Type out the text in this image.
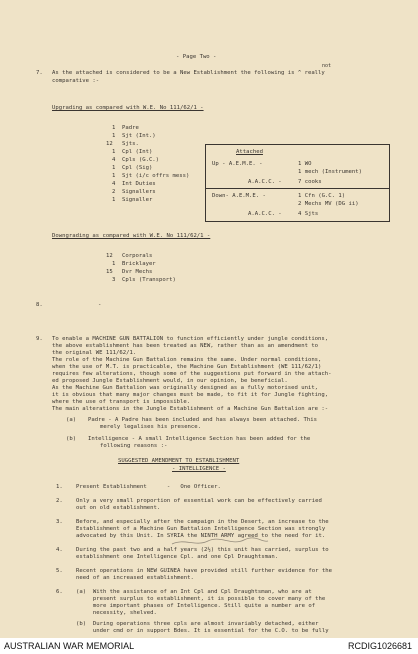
- Page Two -
7.
not
As the attached is considered to be a New Establishment the following is ^ really
comparative :-
Upgrading as compared with W.E. No 111/62/1 -
1 Padre
1 Sjt (Int.)
12 Sjts.
1 Cpl (Int)
4 Cpls (G.C.)
1 Cpl (Sig)
1 Sjt (i/c offrs mess)
4 Int Duties
2 Signallers
1 Signaller
Attached
Up - A.E.M.E. -	1 WO
1 mech (Instrument)
A.A.C.C. -	7 cooks
Down- A.E.M.E. -	1 Cfn (G.C. 1)
2 Mechs MV (DG ii)
A.A.C.C. -	4 Sjts
Downgrading as compared with W.E. No 111/62/1 -
12 Corporals
1 Bricklayer
15 Dvr Mechs
3 Cpls (Transport)
8.	-
9. To enable a MACHINE GUN BATTALION to function efficiently under jungle conditions,
the above establishment has been treated as NEW, rather than as an amendment to
the original WE 111/62/1.
The role of the Machine Gun Battalion remains the same. Under normal conditions,
when the use of M.T. is practicable, the Machine Gun Establishment (WE 111/62/1)
requires few alterations, though some of the suggestions put forward in the attach-
ed proposed Jungle Establishment would, in our opinion, be beneficial.
As the Machine Gun Battalion was originally designed as a fully motorised unit,
it is obvious that many major changes must be made, to fit it for Jungle fighting,
where the use of transport is impossible.
The main alterations in the Jungle Establishment of a Machine Gun Battalion are :-
(a) Padre - A Padre has been included and has always been attached. This
merely legalises his presence.
(b) Intelligence - A small Intelligence Section has been added for the
following reasons :-
SUGGESTED AMENDMENT TO ESTABLISHMENT
- INTELLIGENCE -
1. Present Establishment      -   One Officer.
2. Only a very small proportion of essential work can be effectively carried
out on old establishment.
3. Before, and especially after the campaign in the Desert, an increase to the
Establishment of a Machine Gun Battalion Intelligence Section was strongly
advocated by this Unit. In SYRIA the NINTH ARMY agreed to the need for it.
4. During the past two and a half years (2½) this unit has carried, surplus to
establishment one Intelligence Cpl. and one Cpl Draughtsman.
5. Recent operations in NEW GUINEA have provided still further evidence for the
need of an increased establishment.
6. (a)  With the assistance of an Int Cpl and Cpl Draughtsman, who are at
present surplus to establishment, it is possible to cover many of the
more important phases of Intelligence. Still quite a number are of
necessity, shelved.
(b)  During operations three cpls are almost invariably detached, either
under cmd or in support Bdes. It is essential for the C.O. to be fully
AUSTRALIAN WAR MEMORIAL	RCDIG1026681
